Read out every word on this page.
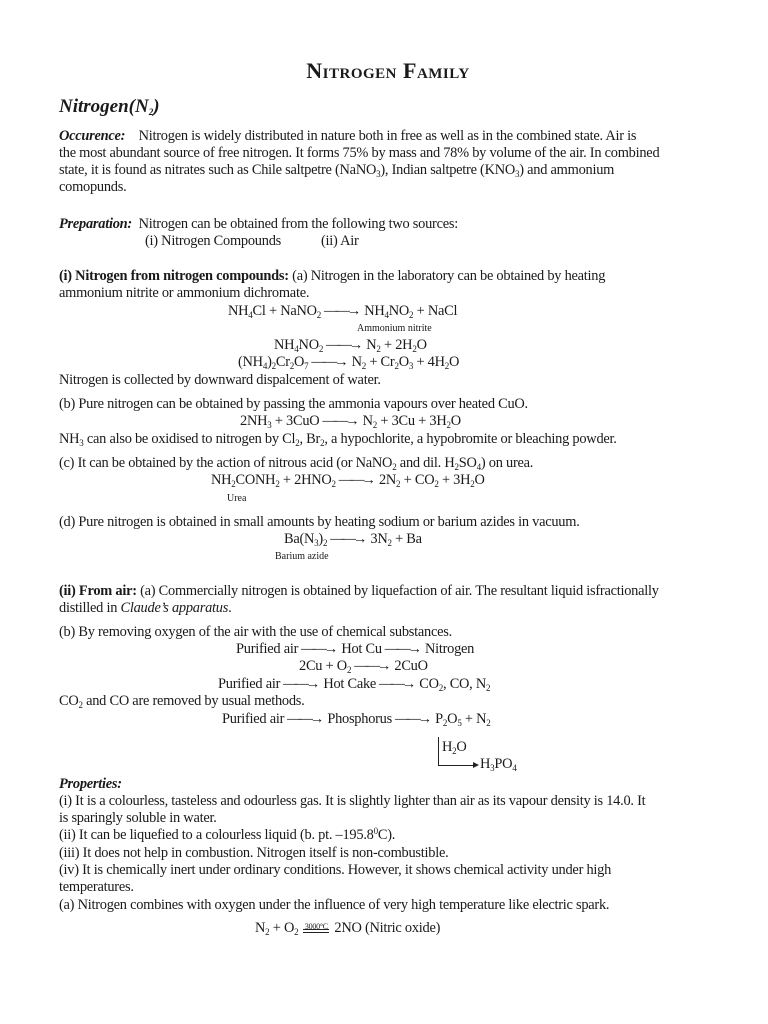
Nitrogen Family
$Nitrogen(N_2)$
Occurence: Nitrogen is widely distributed in nature both in free as well as in the combined state. Air is
the most abundant source of free nitrogen. It forms 75% by mass and 78% by volume of the air. In combined
state, it is found as nitrates such as Chile saltpetre (NaNO$_3$), Indian saltpetre $(KNO_3)$ and ammonium
comopunds.
Preparation: Nitrogen can be obtained from the following two sources:
(i) Nitrogen Compounds	(ii) Air
(i) Nitrogen from nitrogen compounds: (a) Nitrogen in the laboratory can be obtained by heating
ammonium nitrite or ammonium dichromate.
$NH_4Cl$ + NaNO$_2$ ——→ $NH_4NO_2$ + NaCl
Ammonium nitrite
$NH_4NO_2$ ——→ $N_2 + 2H_2O$
$(NH_4)_2Cr_2O_7$ ——→ $N_2 + Cr_2O_3 + 4H_2O$
Nitrogen is collected by downward dispalcement of water.
(b) Pure nitrogen can be obtained by passing the ammonia vapours over heated CuO.
$2NH_3 + 3CuO$ ——→ $N_2 + 3Cu + 3H_2O$
$NH_3$ can also be oxidised to nitrogen by $Cl_2$, $Br_2$, a hypochlorite, a hypobromite or bleaching powder.
(c) It can be obtained by the action of nitrous acid (or NaNO$_2$ and dil. $H_2SO_4$) on urea.
$NH_2CONH_2 + 2HNO_2$ ——→ $2N_2 + CO_2 + 3H_2O$
Urea
(d) Pure nitrogen is obtained in small amounts by heating sodium or barium azides in vacuum.
$Ba(N_3)_2$ ——→ $3N_2 + Ba$
Barium azide
(ii) From air: (a) Commercially nitrogen is obtained by liquefaction of air. The resultant liquid isfractionally
distilled in Claude’s apparatus.
(b) By removing oxygen of the air with the use of chemical substances.
Purified air ——→ Hot Cu ——→ Nitrogen
$2Cu + O_2$ ——→ 2CuO
Purified air ——→ Hot Cake ——→ $CO_2$, CO, $N_2$
$CO_2$ and CO are removed by usual methods.
Purified air ——→ Phosphorus ——→ $P_2O_5 + N_2$
$H_2O$
$H_3PO_4$
Properties:
(i) It is a colourless, tasteless and odourless gas. It is slightly lighter than air as its vapour density is 14.0. It
is sparingly soluble in water.
(ii) It can be liquefied to a colourless liquid (b. pt. –195.8$^0$C).
(iii) It does not help in combustion. Nitrogen itself is non-combustible.
(iv) It is chemically inert under ordinary conditions. However, it shows chemical activity under high
temperatures.
(a) Nitrogen combines with oxygen under the influence of very high temperature like electric spark.
$N_2 + O_2$
3000°C 2NO (Nitric oxide)
